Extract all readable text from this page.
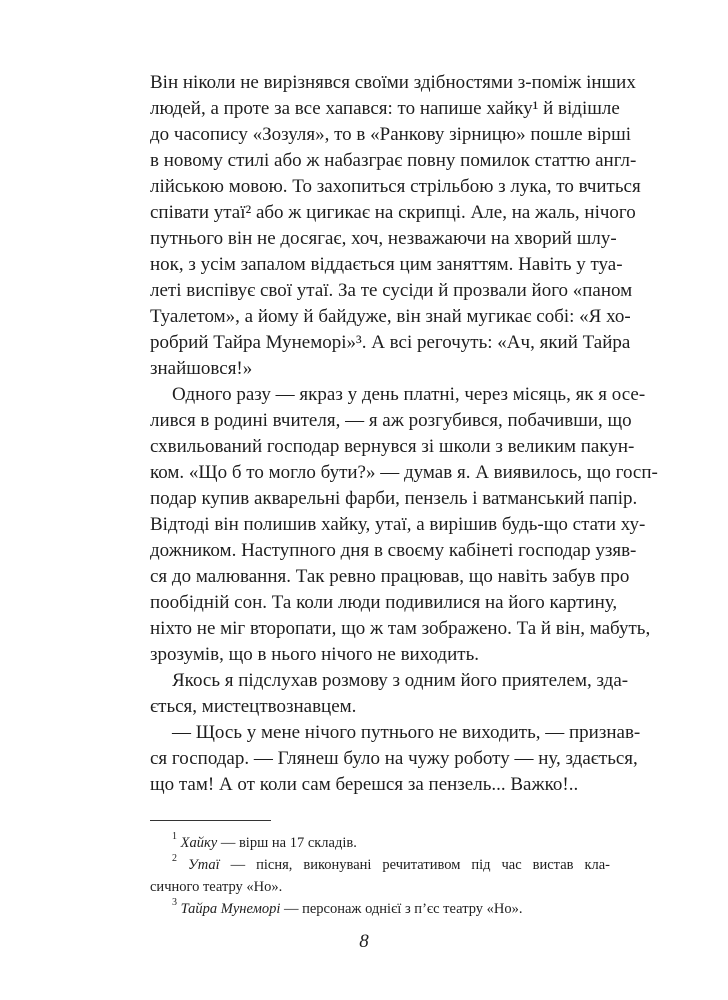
Він ніколи не вирізнявся своїми здібностями з-поміж інших
людей, а проте за все хапався: то напише хайку¹ й відішле
до часопису «Зозуля», то в «Ранкову зірницю» пошле вірші
в новому стилі або ж набазграє повну помилок статтю англ-
лійською мовою. То захопиться стрільбою з лука, то вчиться
співати утаї² або ж цигикає на скрипці. Але, на жаль, нічого
путнього він не досягає, хоч, незважаючи на хворий шлу-
нок, з усім запалом віддається цим заняттям. Навіть у туа-
леті виспівує свої утаї. За те сусіди й прозвали його «паном
Туалетом», а йому й байдуже, він знай мугикає собі: «Я хо-
робрий Тайра Мунеморі»³. А всі регочуть: «Ач, який Тайра
знайшовся!»
Одного разу — якраз у день платні, через місяць, як я осе-
лився в родині вчителя, — я аж розгубився, побачивши, що
схвильований господар вернувся зі школи з великим пакун-
ком. «Що б то могло бути?» — думав я. А виявилось, що госп-
подар купив акварельні фарби, пензель і ватманський папір.
Відтоді він полишив хайку, утаї, а вирішив будь-що стати ху-
дожником. Наступного дня в своєму кабінеті господар узяв-
ся до малювання. Так ревно працював, що навіть забув про
пообідній сон. Та коли люди подивилися на його картину,
ніхто не міг второпати, що ж там зображено. Та й він, мабуть,
зрозумів, що в нього нічого не виходить.
Якось я підслухав розмову з одним його приятелем, зда-
ється, мистецтвознавцем.
— Щось у мене нічого путнього не виходить, — признав-
ся господар. — Глянеш було на чужу роботу — ну, здається,
що там! А от коли сам берешся за пензель... Важко!..
$^1$ Хайку — вірш на 17 складів.
$^2$ Утаї — пісня, виконувані речитативом під час вистав кла-
сичного театру «Но».
$^3$ Тайра Мунеморі — персонаж однієї з п’єс театру «Но».
8
